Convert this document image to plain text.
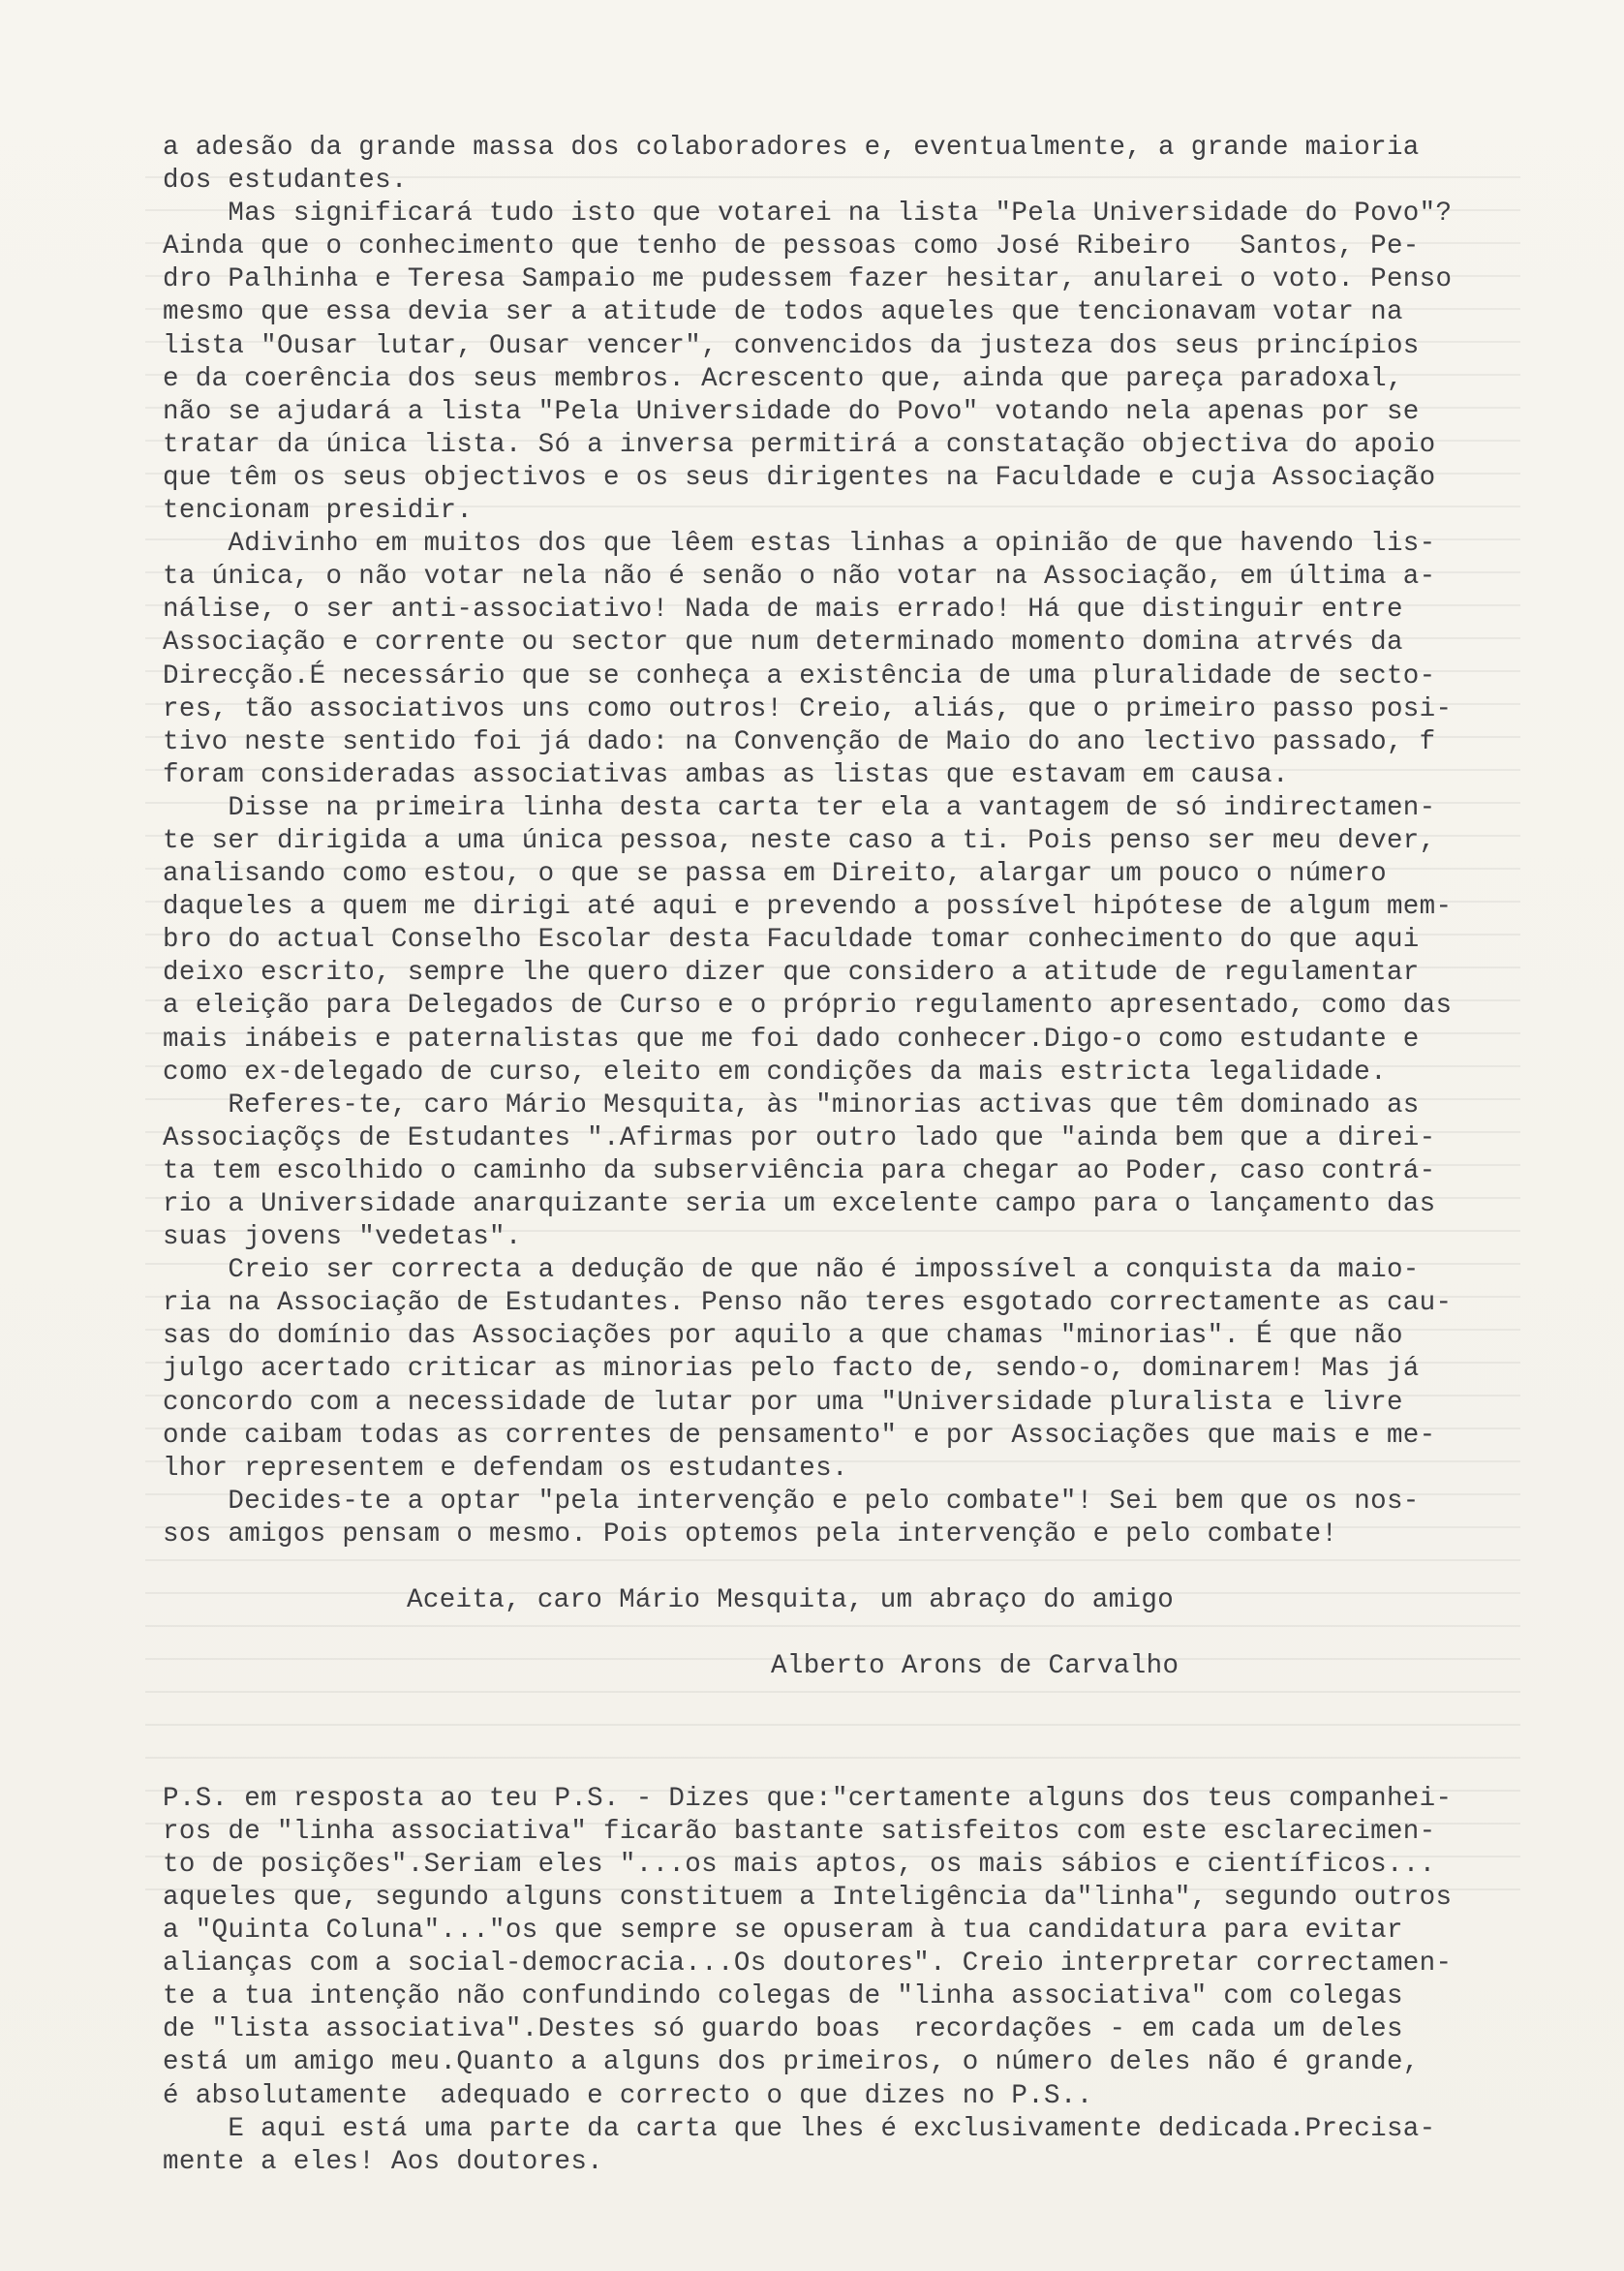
a adesão da grande massa dos colaboradores e, eventualmente, a grande maioria
dos estudantes.
Mas significará tudo isto que votarei na lista "Pela Universidade do Povo"?
Ainda que o conhecimento que tenho de pessoas como José Ribeiro   Santos, Pe-
dro Palhinha e Teresa Sampaio me pudessem fazer hesitar, anularei o voto. Penso
mesmo que essa devia ser a atitude de todos aqueles que tencionavam votar na
lista "Ousar lutar, Ousar vencer", convencidos da justeza dos seus princípios
e da coerência dos seus membros. Acrescento que, ainda que pareça paradoxal,
não se ajudará a lista "Pela Universidade do Povo" votando nela apenas por se
tratar da única lista. Só a inversa permitirá a constatação objectiva do apoio
que têm os seus objectivos e os seus dirigentes na Faculdade e cuja Associação
tencionam presidir.
Adivinho em muitos dos que lêem estas linhas a opinião de que havendo lis-
ta única, o não votar nela não é senão o não votar na Associação, em última a-
nálise, o ser anti-associativo! Nada de mais errado! Há que distinguir entre
Associação e corrente ou sector que num determinado momento domina atrvés da
Direcção.É necessário que se conheça a existência de uma pluralidade de secto-
res, tão associativos uns como outros! Creio, aliás, que o primeiro passo posi-
tivo neste sentido foi já dado: na Convenção de Maio do ano lectivo passado, f
foram consideradas associativas ambas as listas que estavam em causa.
Disse na primeira linha desta carta ter ela a vantagem de só indirectamen-
te ser dirigida a uma única pessoa, neste caso a ti. Pois penso ser meu dever,
analisando como estou, o que se passa em Direito, alargar um pouco o número
daqueles a quem me dirigi até aqui e prevendo a possível hipótese de algum mem-
bro do actual Conselho Escolar desta Faculdade tomar conhecimento do que aqui
deixo escrito, sempre lhe quero dizer que considero a atitude de regulamentar
a eleição para Delegados de Curso e o próprio regulamento apresentado, como das
mais inábeis e paternalistas que me foi dado conhecer.Digo-o como estudante e
como ex-delegado de curso, eleito em condições da mais estricta legalidade.
Referes-te, caro Mário Mesquita, às "minorias activas que têm dominado as
Associaçõçs de Estudantes ".Afirmas por outro lado que "ainda bem que a direi-
ta tem escolhido o caminho da subserviência para chegar ao Poder, caso contrá-
rio a Universidade anarquizante seria um excelente campo para o lançamento das
suas jovens "vedetas".
Creio ser correcta a dedução de que não é impossível a conquista da maio-
ria na Associação de Estudantes. Penso não teres esgotado correctamente as cau-
sas do domínio das Associações por aquilo a que chamas "minorias". É que não
julgo acertado criticar as minorias pelo facto de, sendo-o, dominarem! Mas já
concordo com a necessidade de lutar por uma "Universidade pluralista e livre
onde caibam todas as correntes de pensamento" e por Associações que mais e me-
lhor representem e defendam os estudantes.
Decides-te a optar "pela intervenção e pelo combate"! Sei bem que os nos-
sos amigos pensam o mesmo. Pois optemos pela intervenção e pelo combate!
Aceita, caro Mário Mesquita, um abraço do amigo
Alberto Arons de Carvalho
P.S. em resposta ao teu P.S. - Dizes que:"certamente alguns dos teus companhei-
ros de "linha associativa" ficarão bastante satisfeitos com este esclarecimen-
to de posições".Seriam eles "...os mais aptos, os mais sábios e científicos...
aqueles que, segundo alguns constituem a Inteligência da"linha", segundo outros
a "Quinta Coluna"..."os que sempre se opuseram à tua candidatura para evitar
alianças com a social-democracia...Os doutores". Creio interpretar correctamen-
te a tua intenção não confundindo colegas de "linha associativa" com colegas
de "lista associativa".Destes só guardo boas  recordações - em cada um deles
está um amigo meu.Quanto a alguns dos primeiros, o número deles não é grande,
é absolutamente  adequado e correcto o que dizes no P.S..
E aqui está uma parte da carta que lhes é exclusivamente dedicada.Precisa-
mente a eles! Aos doutores.
